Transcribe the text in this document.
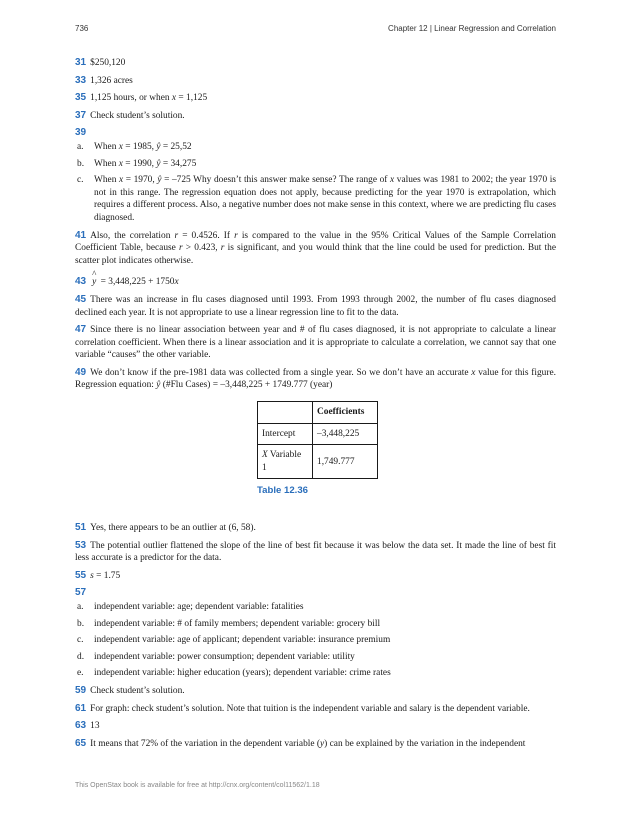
736	Chapter 12 | Linear Regression and Correlation
31 $250,120
33 1,326 acres
35 1,125 hours, or when x = 1,125
37 Check student’s solution.
39
a. When x = 1985, ŷ = 25,52
b. When x = 1990, ŷ = 34,275
c. When x = 1970, ŷ = –725 Why doesn’t this answer make sense? The range of x values was 1981 to 2002; the year 1970 is not in this range. The regression equation does not apply, because predicting for the year 1970 is extrapolation, which requires a different process. Also, a negative number does not make sense in this context, where we are predicting flu cases diagnosed.
41 Also, the correlation r = 0.4526. If r is compared to the value in the 95% Critical Values of the Sample Correlation Coefficient Table, because r > 0.423, r is significant, and you would think that the line could be used for prediction. But the scatter plot indicates otherwise.
43
^
y = 3,448,225 + 1750x
45 There was an increase in flu cases diagnosed until 1993. From 1993 through 2002, the number of flu cases diagnosed declined each year. It is not appropriate to use a linear regression line to fit to the data.
47 Since there is no linear association between year and # of flu cases diagnosed, it is not appropriate to calculate a linear correlation coefficient. When there is a linear association and it is appropriate to calculate a correlation, we cannot say that one variable “causes” the other variable.
49 We don’t know if the pre-1981 data was collected from a single year. So we don’t have an accurate x value for this figure. Regression equation: ŷ (#Flu Cases) = –3,448,225 + 1749.777 (year)
	Coefficients
Intercept	–3,448,225
X Variable 1	1,749.777
Table 12.36
51 Yes, there appears to be an outlier at (6, 58).
53 The potential outlier flattened the slope of the line of best fit because it was below the data set. It made the line of best fit less accurate is a predictor for the data.
55 s = 1.75
57
a. independent variable: age; dependent variable: fatalities
b. independent variable: # of family members; dependent variable: grocery bill
c. independent variable: age of applicant; dependent variable: insurance premium
d. independent variable: power consumption; dependent variable: utility
e. independent variable: higher education (years); dependent variable: crime rates
59 Check student’s solution.
61 For graph: check student’s solution. Note that tuition is the independent variable and salary is the dependent variable.
63 13
65 It means that 72% of the variation in the dependent variable (y) can be explained by the variation in the independent
This OpenStax book is available for free at http://cnx.org/content/col11562/1.18
